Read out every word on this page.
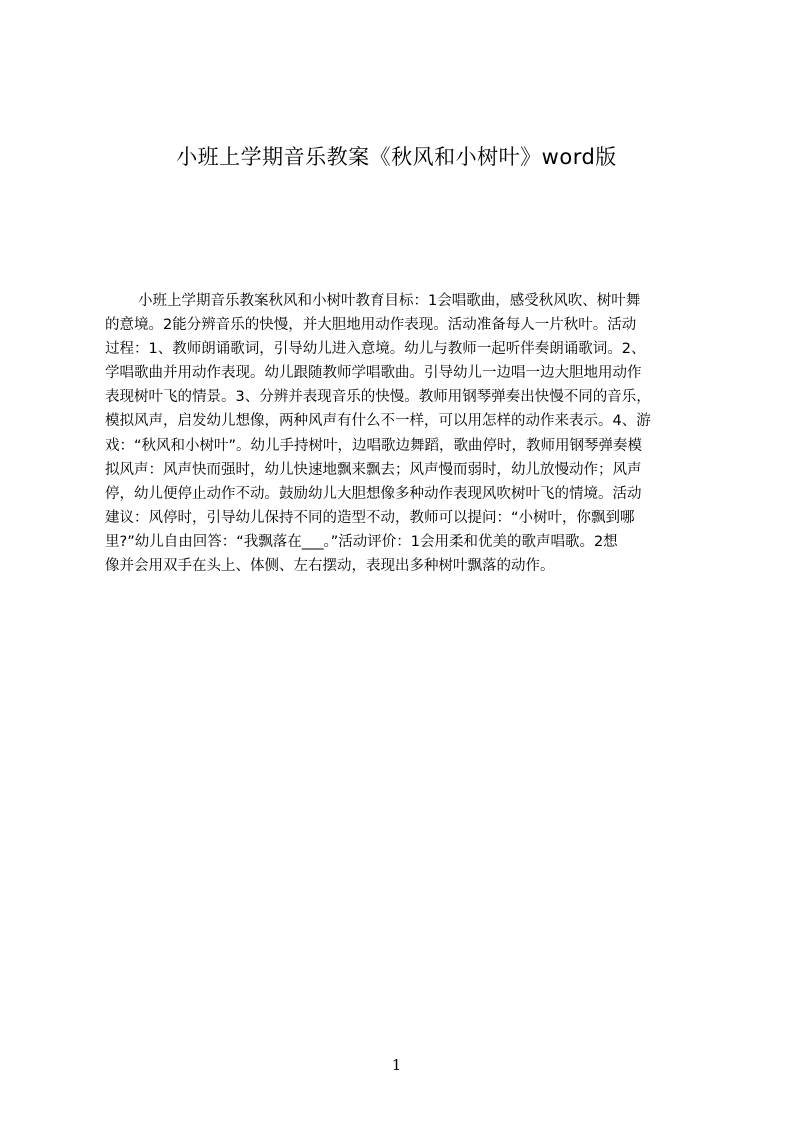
小班上学期音乐教案《秋风和小树叶》word版
小班上学期音乐教案秋风和小树叶教育目标：1会唱歌曲，感受秋风吹、树叶舞
的意境。2能分辨音乐的快慢，并大胆地用动作表现。活动准备每人一片秋叶。活动
过程：1、教师朗诵歌词，引导幼儿进入意境。幼儿与教师一起听伴奏朗诵歌词。2、
学唱歌曲并用动作表现。幼儿跟随教师学唱歌曲。引导幼儿一边唱一边大胆地用动作
表现树叶飞的情景。3、分辨并表现音乐的快慢。教师用钢琴弹奏出快慢不同的音乐，
模拟风声，启发幼儿想像，两种风声有什么不一样，可以用怎样的动作来表示。4、游
戏：“秋风和小树叶”。幼儿手持树叶，边唱歌边舞蹈，歌曲停时，教师用钢琴弹奏模
拟风声：风声快而强时，幼儿快速地飘来飘去；风声慢而弱时，幼儿放慢动作；风声
停，幼儿便停止动作不动。鼓励幼儿大胆想像多种动作表现风吹树叶飞的情境。活动
建议：风停时，引导幼儿保持不同的造型不动，教师可以提问：“小树叶，你飘到哪
里?”幼儿自由回答：“我飘落在___。”活动评价：1会用柔和优美的歌声唱歌。2想
像并会用双手在头上、体侧、左右摆动，表现出多种树叶飘落的动作。
1
